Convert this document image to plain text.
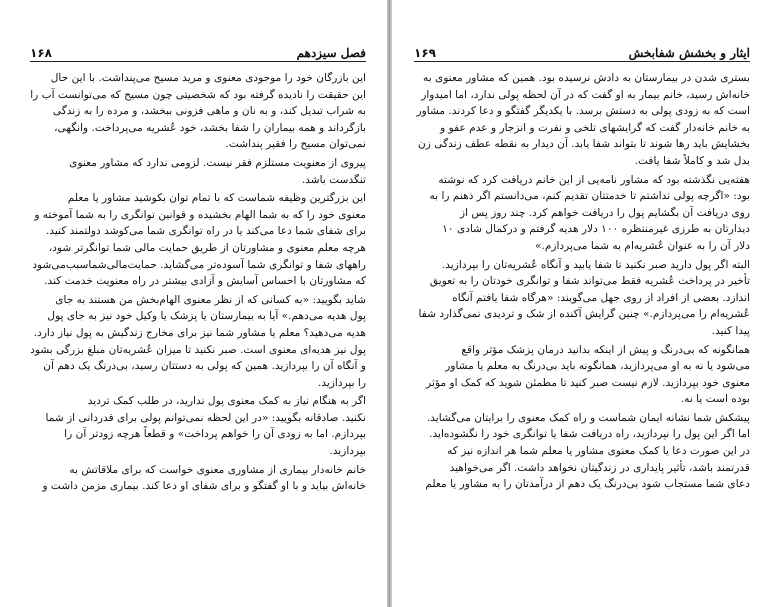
۱۶۸	فصل سیزدهم

این بازرگان خود را موجودی معنوی و مرید مسیح می‌پنداشت. با این حال
این حقیقت را نادیده گرفته بود که شخصیتی چون مسیح که می‌توانست آب را
به شراب تبدیل کند، و به نان و ماهی فزونی ببخشد، و مرده را به زندگی
بازگرداند و همه بیماران را شفا بخشد، خود عُشریه می‌پرداخت. وانگهی،
نمی‌توان مسیح را فقیر پنداشت.

پیروی از معنویت مستلزم فقر نیست. لزومی ندارد که مشاور معنوی
تنگدست باشد.

این بزرگترین وظیفه شماست که با تمام توان بکوشید مشاور یا معلم
معنوی خود را که به شما الهام بخشیده و قوانین توانگری را به شما آموخته و
برای شفای شما دعا می‌کند یا در راه توانگری شما می‌کوشد دولتمند کنید.
هرچه معلم معنوی و مشاورتان از طریق حمایت مالی شما توانگرتر شود،
راههای شفا و توانگری شما آسوده‌تر می‌گشاید. حمایت‌مالی‌شما‌سبب‌می‌شود
که مشاورتان با احساس آسایش و آزادی بیشتر در راه معنویت خدمت کند.

شاید بگویید: «به کسانی که از نظر معنوی الهام‌بخش من هستند به جای
پول هدیه می‌دهم.» آیا به بیمارستان یا پزشک یا وکیل خود نیز به جای پول
هدیه می‌دهید؟ معلم یا مشاور شما نیز برای مخارج زندگیش به پول نیاز دارد.
پول نیز هدیه‌ای معنوی است. صبر نکنید تا میزان عُشریه‌تان مبلغ بزرگی بشود
و آنگاه آن را بپردازید. همین که پولی به دستتان رسید، بی‌درنگ یک دهم آن
را بپردازید.

اگر به هنگام نیاز به کمک معنوی پول ندارید، در طلب کمک تردید
نکنید. صادقانه بگویید: «در این لحظه نمی‌توانم پولی برای قدردانی از شما
بپردازم. اما به زودی آن را خواهم پرداخت» و قطعاً هرچه زودتر آن را
بپردازید.

خانم خانه‌دار بیماری از مشاوری معنوی خواست که برای ملاقاتش به
خانه‌اش بیاید و با او گفتگو و برای شفای او دعا کند. بیماری مزمن داشت و

۱۶۹	ایثار و بخشش شفابخش

بستری شدن در بیمارستان به دادش نرسیده بود. همین که مشاور معنوی به
خانه‌اش رسید، خانم بیمار به او گفت که در آن لحظه پولی ندارد، اما امیدوار
است که به زودی پولی به دستش برسد. با یکدیگر گفتگو و دعا کردند. مشاور
به خانم خانه‌دار گفت که گرایشهای تلخی و نفرت و انزجار و عدم عفو و
بخشایش باید رها شوند تا بتواند شفا یابد. آن دیدار به نقطه عطف زندگی زن
بدل شد و کاملاً شفا یافت.

هفته‌یی نگذشته بود که مشاور نامه‌یی از این خانم دریافت کرد که نوشته
بود: «اگرچه پولی نداشتم تا خدمتتان تقدیم کنم، می‌دانستم اگر ذهنم را به
روی دریافت آن بگشایم پول را دریافت خواهم کرد. چند روز پس از
دیدارتان به طرزی غیرمنتظره ۱۰۰ دلار هدیه گرفتم و درکمال شادی ۱۰
دلار آن را به عنوان عُشریه‌ام به شما می‌پردازم.»

البته اگر پول دارید صبر نکنید تا شفا یابید و آنگاه عُشریه‌تان را بپردازید.
تأخیر در پرداخت عُشریه فقط می‌تواند شفا و توانگری خودتان را به تعویق
اندازد. بعضی از افراد از روی جهل می‌گویند: «هرگاه شفا یافتم آنگاه
عُشریه‌ام را می‌پردازم.» چنین گرایش آکنده از شک و تردیدی نمی‌گذارد شفا
پیدا کنید.

همانگونه که بی‌درنگ و پیش از اینکه بدانید درمان پزشک مؤثر واقع
می‌شود یا نه به او می‌پردازید، همانگونه باید بی‌درنگ به معلم یا مشاور
معنوی خود بپردازید. لازم نیست صبر کنید تا مطمئن شوید که کمک او مؤثر
بوده است یا نه.

پیشکش شما نشانه ایمان شماست و راه کمک معنوی را برایتان می‌گشاید.
اما اگر این پول را نپردازید، راه دریافت شفا یا توانگری خود را نگشوده‌اید.
در این صورت دعا یا کمک معنوی مشاور یا معلم شما هر اندازه نیز که
قدرتمند باشد، تأثیر پایداری در زندگیتان نخواهد داشت. اگر می‌خواهید
دعای شما مستجاب شود بی‌درنگ یک دهم از درآمدتان را به مشاور یا معلم
